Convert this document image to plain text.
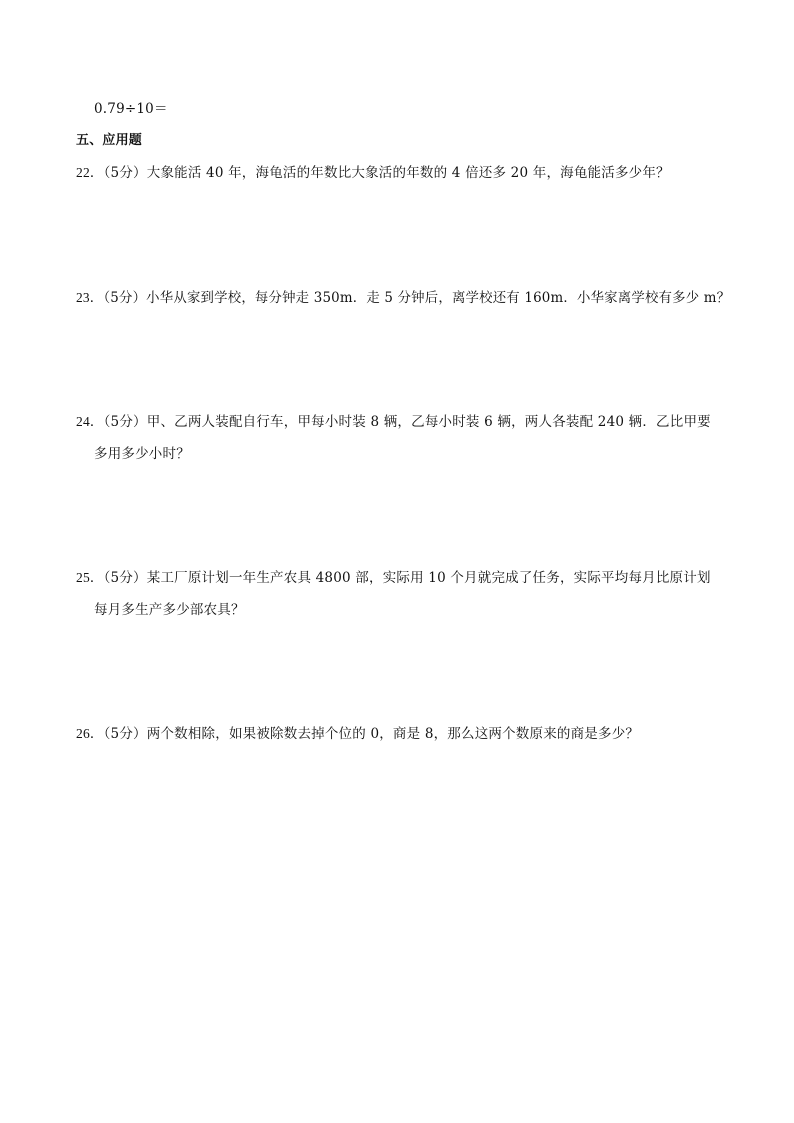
0.79÷10＝
五、应用题
22．（5分）大象能活 40 年，海龟活的年数比大象活的年数的 4 倍还多 20 年，海龟能活多少年？
23．（5分）小华从家到学校，每分钟走 350m．走 5 分钟后，离学校还有 160m．小华家离学校有多少 m？
24．（5分）甲、乙两人装配自行车，甲每小时装 8 辆，乙每小时装 6 辆，两人各装配 240 辆．乙比甲要
多用多少小时？
25．（5分）某工厂原计划一年生产农具 4800 部，实际用 10 个月就完成了任务，实际平均每月比原计划
每月多生产多少部农具？
26．（5分）两个数相除，如果被除数去掉个位的 0，商是 8，那么这两个数原来的商是多少？
